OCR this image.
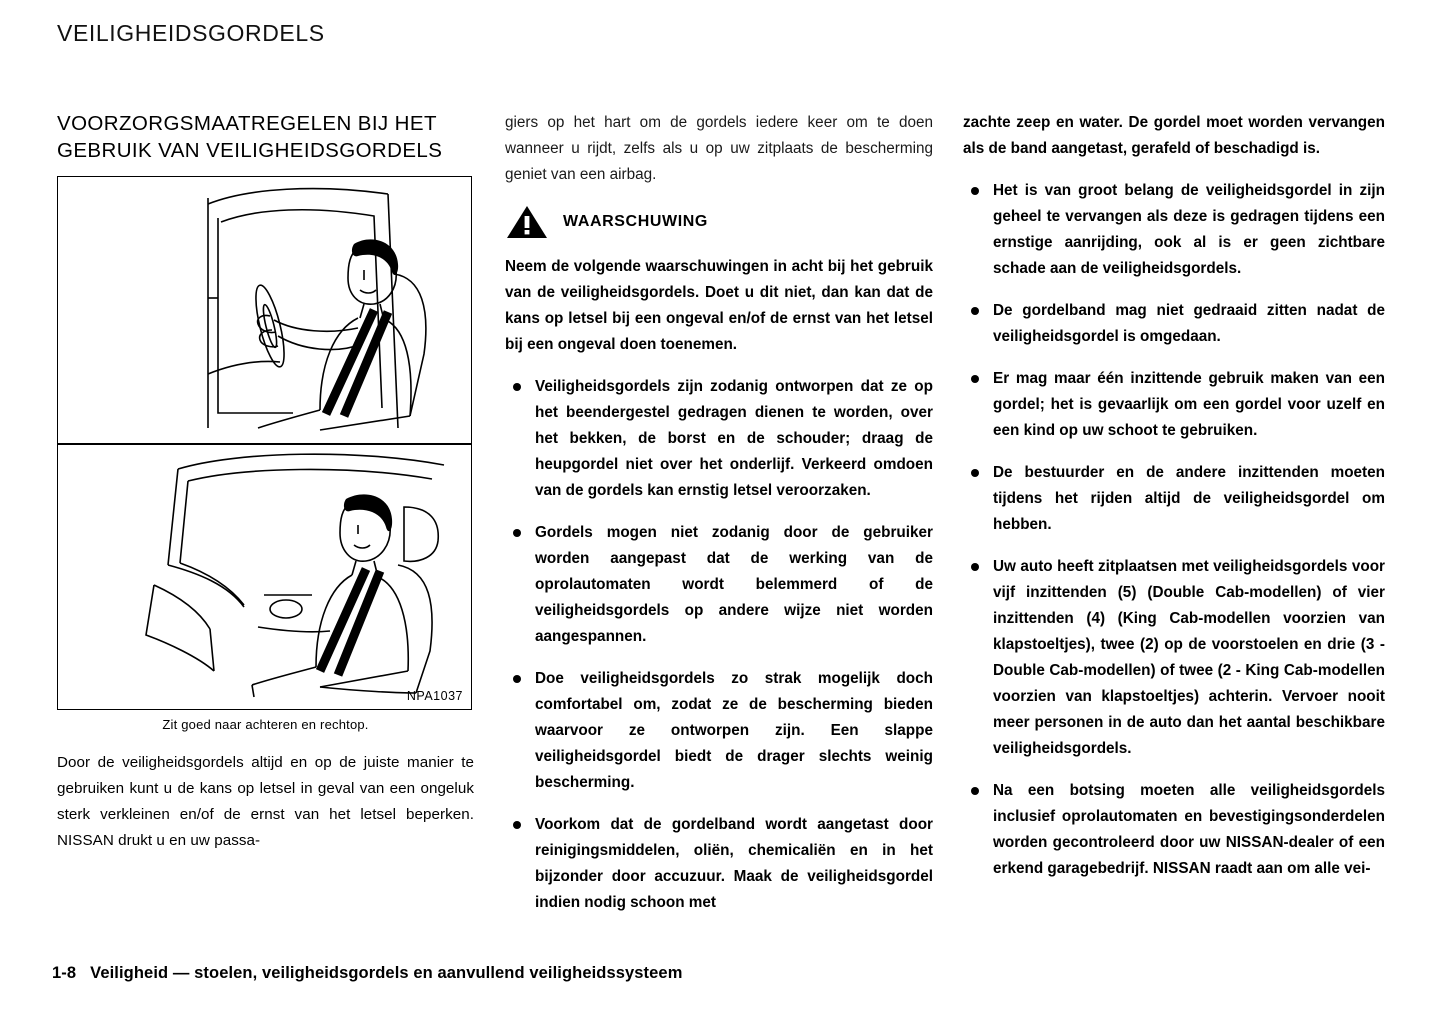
VEILIGHEIDSGORDELS
VOORZORGSMAATREGELEN BIJ HET GEBRUIK VAN VEILIGHEIDSGORDELS
NPA1037
Zit goed naar achteren en rechtop.
Door de veiligheidsgordels altijd en op de juiste manier te gebruiken kunt u de kans op letsel in geval van een ongeluk sterk verkleinen en/of de ernst van het letsel beperken. NISSAN drukt u en uw passa-

giers op het hart om de gordels iedere keer om te doen wanneer u rijdt, zelfs als u op uw zitplaats de bescherming geniet van een airbag.

WAARSCHUWING

Neem de volgende waarschuwingen in acht bij het gebruik van de veiligheidsgordels. Doet u dit niet, dan kan dat de kans op letsel bij een ongeval en/of de ernst van het letsel bij een ongeval doen toenemen.

Veiligheidsgordels zijn zodanig ontworpen dat ze op het beendergestel gedragen dienen te worden, over het bekken, de borst en de schouder; draag de heupgordel niet over het onderlijf. Verkeerd omdoen van de gordels kan ernstig letsel veroorzaken.
Gordels mogen niet zodanig door de gebruiker worden aangepast dat de werking van de oprolautomaten wordt belemmerd of de veiligheidsgordels op andere wijze niet worden aangespannen.
Doe veiligheidsgordels zo strak mogelijk doch comfortabel om, zodat ze de bescherming bieden waarvoor ze ontworpen zijn. Een slappe veiligheidsgordel biedt de drager slechts weinig bescherming.
Voorkom dat de gordelband wordt aangetast door reinigingsmiddelen, oliën, chemicaliën en in het bijzonder door accuzuur. Maak de veiligheidsgordel indien nodig schoon met

zachte zeep en water. De gordel moet worden vervangen als de band aangetast, gerafeld of beschadigd is.

Het is van groot belang de veiligheidsgordel in zijn geheel te vervangen als deze is gedragen tijdens een ernstige aanrijding, ook al is er geen zichtbare schade aan de veiligheidsgordels.
De gordelband mag niet gedraaid zitten nadat de veiligheidsgordel is omgedaan.
Er mag maar één inzittende gebruik maken van een gordel; het is gevaarlijk om een gordel voor uzelf en een kind op uw schoot te gebruiken.
De bestuurder en de andere inzittenden moeten tijdens het rijden altijd de veiligheidsgordel om hebben.
Uw auto heeft zitplaatsen met veiligheidsgordels voor vijf inzittenden (5) (Double Cab-modellen) of vier inzittenden (4) (King Cab-modellen voorzien van klapstoeltjes), twee (2) op de voorstoelen en drie (3 - Double Cab-modellen) of twee (2 - King Cab-modellen voorzien van klapstoeltjes) achterin. Vervoer nooit meer personen in de auto dan het aantal beschikbare veiligheidsgordels.
Na een botsing moeten alle veiligheidsgordels inclusief oprolautomaten en bevestigingsonderdelen worden gecontroleerd door uw NISSAN-dealer of een erkend garagebedrijf. NISSAN raadt aan om alle vei-
1-8 Veiligheid — stoelen, veiligheidsgordels en aanvullend veiligheidssysteem
